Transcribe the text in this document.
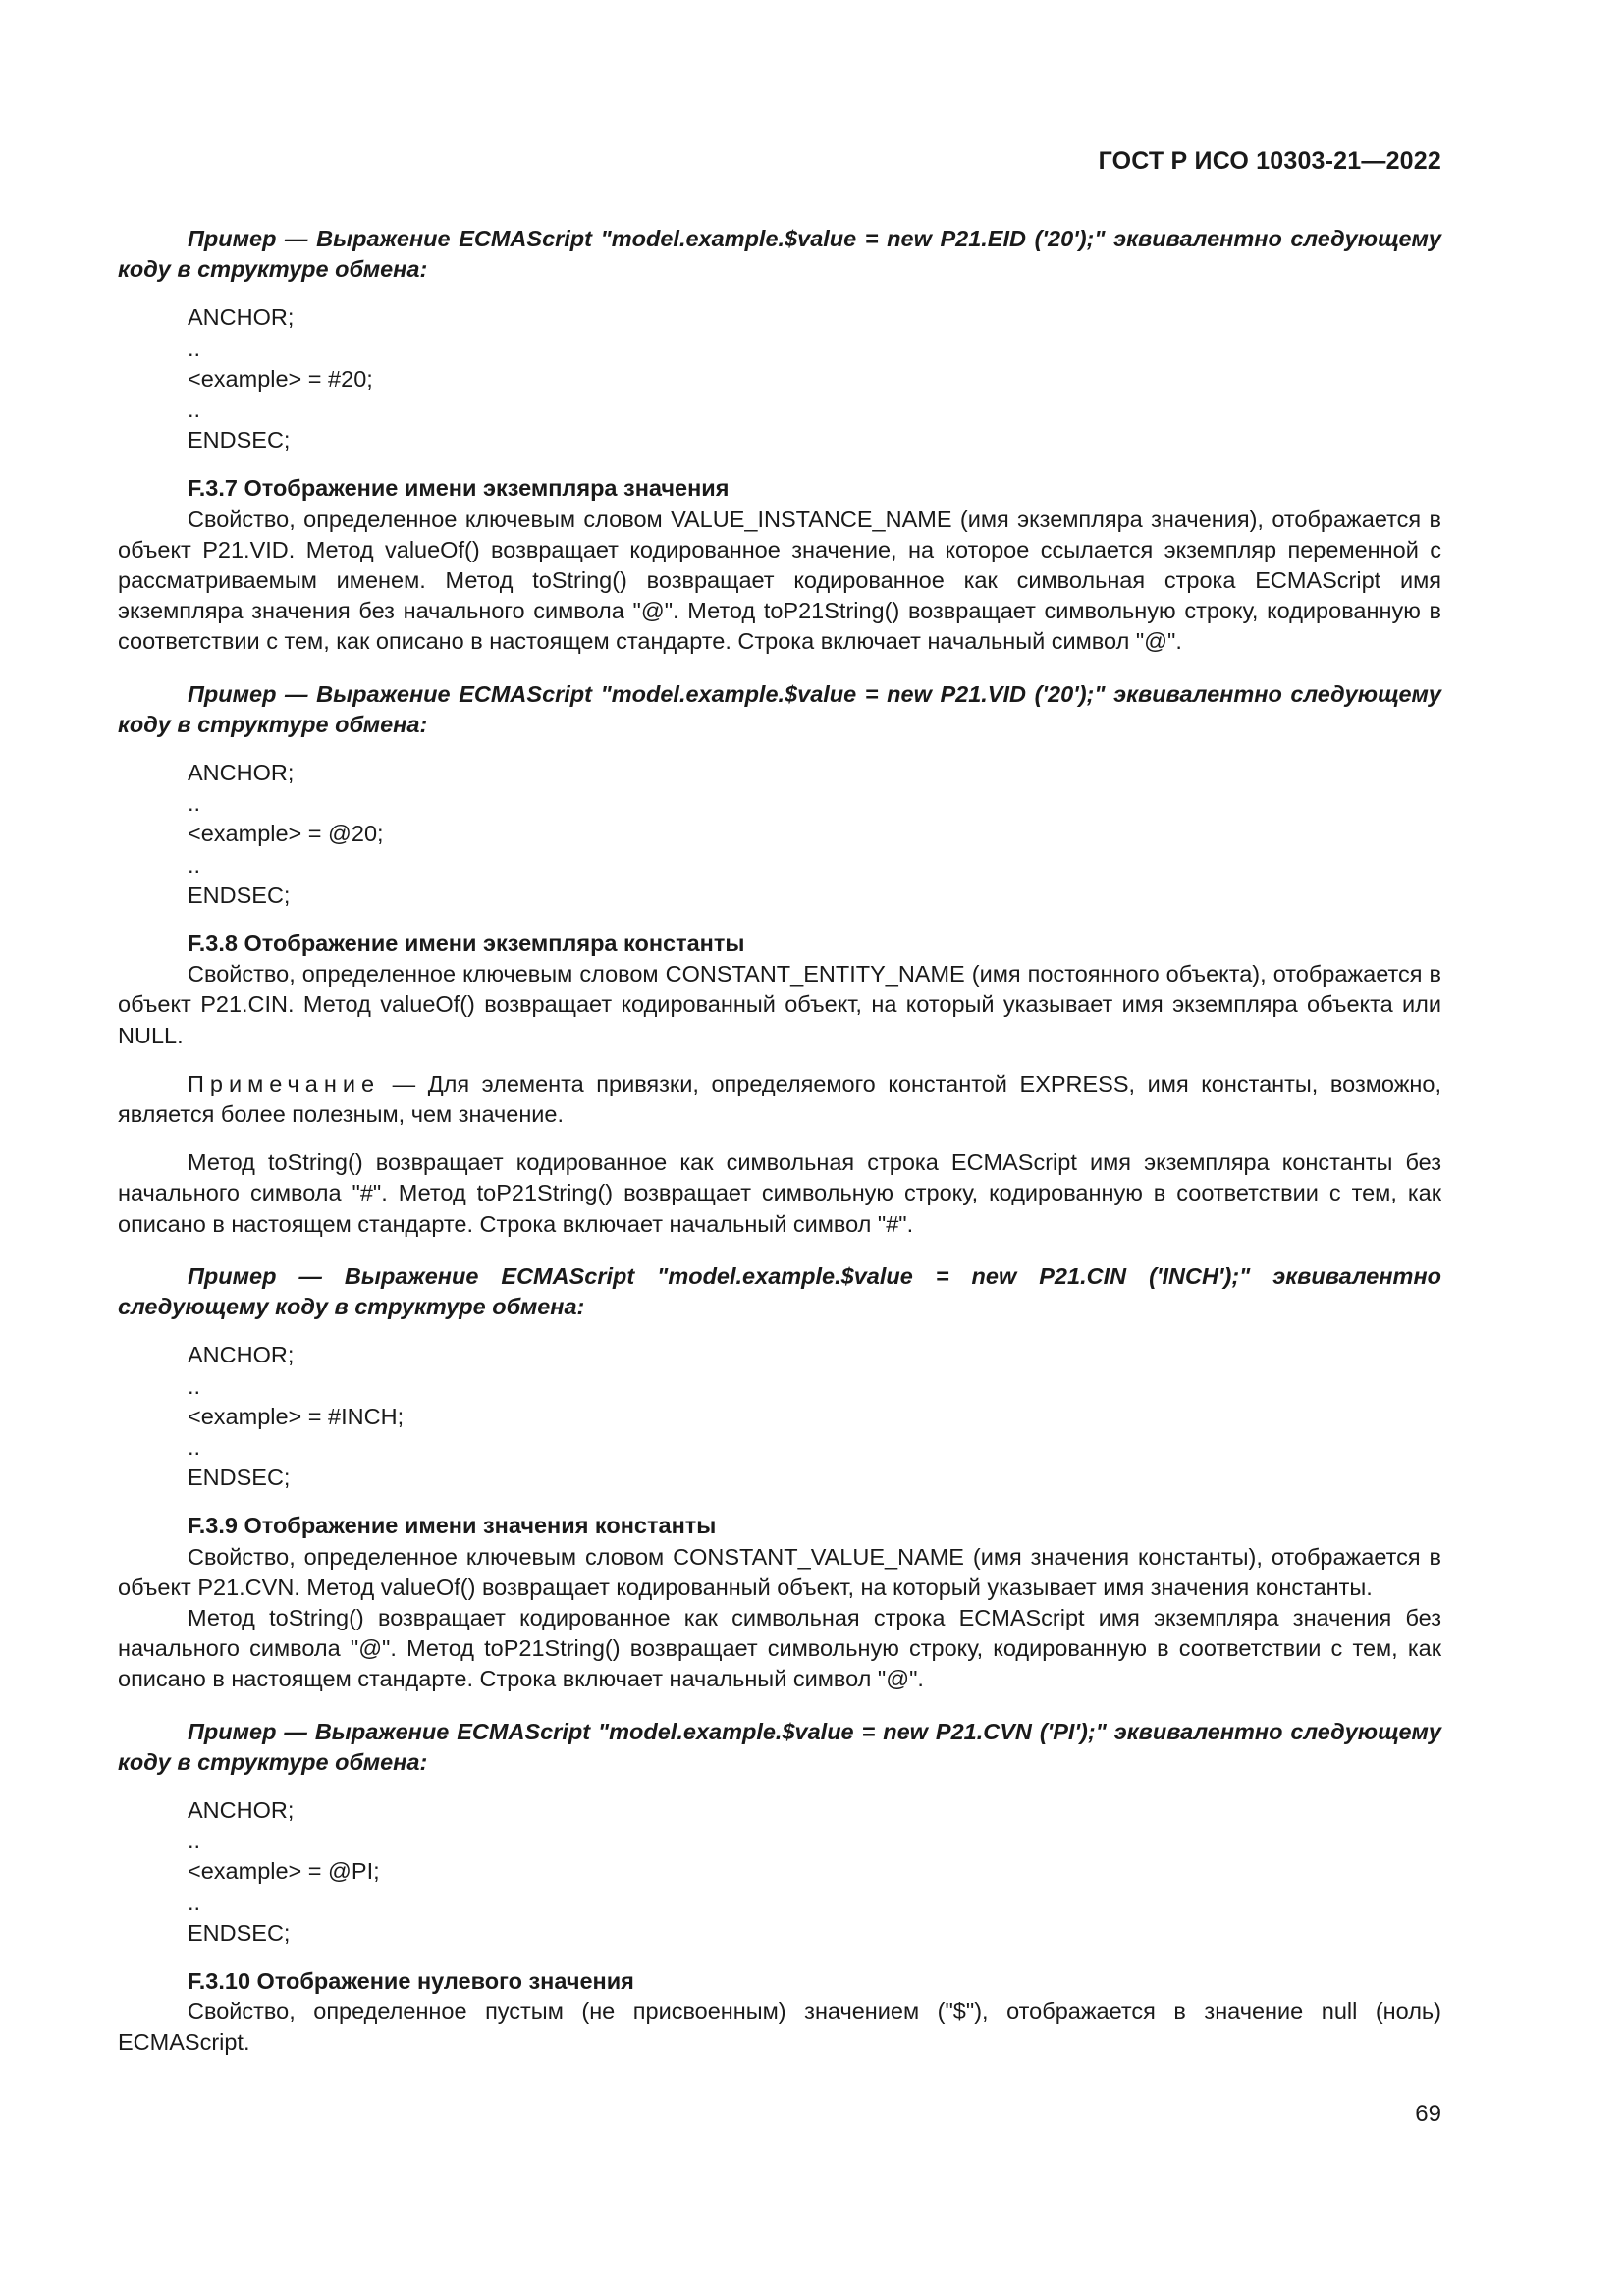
ГОСТ Р ИСО 10303-21—2022

Пример — Выражение ECMAScript "model.example.$value = new P21.EID ('20');" эквивалентно следующему коду в структуре обмена:

ANCHOR;
..
<example> = #20;
..
ENDSEC;

F.3.7 Отображение имени экземпляра значения

Свойство, определенное ключевым словом VALUE_INSTANCE_NAME (имя экземпляра значения), отображается в объект P21.VID. Метод valueOf() возвращает кодированное значение, на которое ссылается экземпляр переменной с рассматриваемым именем. Метод toString() возвращает кодированное как символьная строка ECMAScript имя экземпляра значения без начального символа "@". Метод toP21String() возвращает символьную строку, кодированную в соответствии с тем, как описано в настоящем стандарте. Строка включает начальный символ "@".

Пример — Выражение ECMAScript "model.example.$value = new P21.VID ('20');" эквивалентно следующему коду в структуре обмена:

ANCHOR;
..
<example> = @20;
..
ENDSEC;

F.3.8 Отображение имени экземпляра константы

Свойство, определенное ключевым словом CONSTANT_ENTITY_NAME (имя постоянного объекта), отображается в объект P21.CIN. Метод valueOf() возвращает кодированный объект, на который указывает имя экземпляра объекта или NULL.

Примечание — Для элемента привязки, определяемого константой EXPRESS, имя константы, возможно, является более полезным, чем значение.

Метод toString() возвращает кодированное как символьная строка ECMAScript имя экземпляра константы без начального символа "#". Метод toP21String() возвращает символьную строку, кодированную в соответствии с тем, как описано в настоящем стандарте. Строка включает начальный символ "#".

Пример — Выражение ECMAScript "model.example.$value = new P21.CIN ('INCH');" эквивалентно следующему коду в структуре обмена:

ANCHOR;
..
<example> = #INCH;
..
ENDSEC;

F.3.9 Отображение имени значения константы

Свойство, определенное ключевым словом CONSTANT_VALUE_NAME (имя значения константы), отображается в объект P21.CVN. Метод valueOf() возвращает кодированный объект, на который указывает имя значения константы.

Метод toString() возвращает кодированное как символьная строка ECMAScript имя экземпляра значения без начального символа "@". Метод toP21String() возвращает символьную строку, кодированную в соответствии с тем, как описано в настоящем стандарте. Строка включает начальный символ "@".

Пример — Выражение ECMAScript "model.example.$value = new P21.CVN ('PI');" эквивалентно следующему коду в структуре обмена:

ANCHOR;
..
<example> = @PI;
..
ENDSEC;

F.3.10 Отображение нулевого значения

Свойство, определенное пустым (не присвоенным) значением ("$"), отображается в значение null (ноль) ECMAScript.

69
